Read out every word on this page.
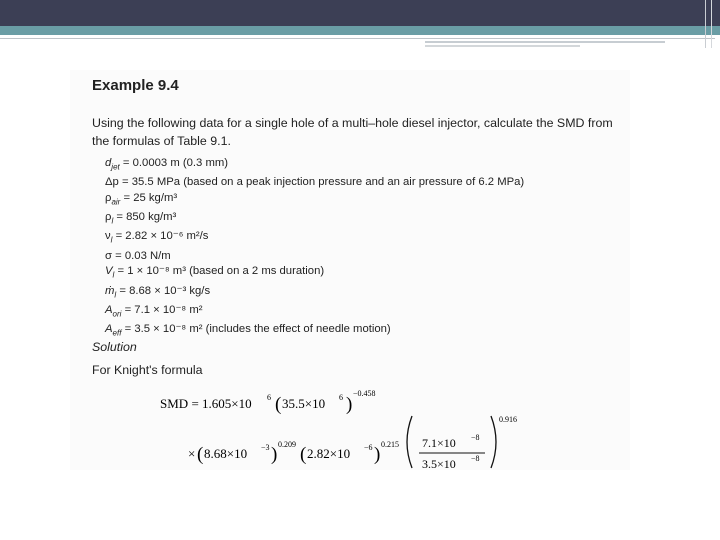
Example 9.4
Using the following data for a single hole of a multi–hole diesel injector, calculate the SMD from the formulas of Table 9.1.
$d_{jet} = 0.0003$ m (0.3 mm)
Δp = 35.5 MPa (based on a peak injection pressure and an air pressure of 6.2 MPa)
$\rho_{air} = 25$ kg/m³
$\rho_l = 850$ kg/m³
$\nu_l = 2.82 \times 10^{-6}$ m²/s
σ = 0.03 N/m
$V_l = 1 \times 10^{-8}$ m³ (based on a 2 ms duration)
ṁ$_l$ = 8.68 × 10⁻³ kg/s
$A_{ori} = 7.1 \times 10^{-8}$ m²
$A_{eff} = 3.5 \times 10^{-8}$ m² (includes the effect of needle motion)
Solution
For Knight's formula
SMD = 1.605×10 6 ( 35.5×10 6 )
−0.458
× ( 8.68×10 −3 ) 0.209 ( 2.82×10 −6 ) 0.215 7.1×10 −8
3.5×10 −8
0.916
